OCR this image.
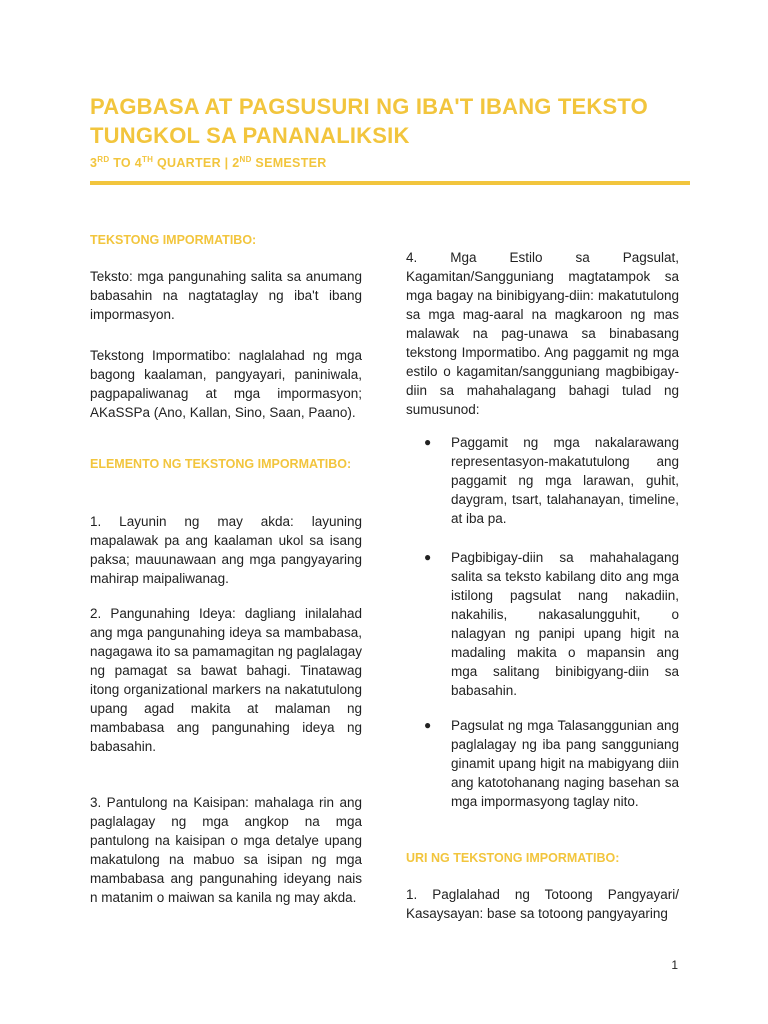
PAGBASA AT PAGSUSURI NG IBA'T IBANG TEKSTO TUNGKOL SA PANANALIKSIK
3RD TO 4TH QUARTER | 2ND SEMESTER

TEKSTONG IMPORMATIBO:

Teksto: mga pangunahing salita sa anumang babasahin na nagtataglay ng iba't ibang impormasyon.

Tekstong Impormatibo: naglalahad ng mga bagong kaalaman, pangyayari, paniniwala, pagpapaliwanag at mga impormasyon; AKaSSPa (Ano, Kallan, Sino, Saan, Paano).

ELEMENTO NG TEKSTONG IMPORMATIBO:

1. Layunin ng may akda: layuning mapalawak pa ang kaalaman ukol sa isang paksa; mauunawaan ang mga pangyayaring mahirap maipaliwanag.

2. Pangunahing Ideya: dagliang inilalahad ang mga pangunahing ideya sa mambabasa, nagagawa ito sa pamamagitan ng paglalagay ng pamagat sa bawat bahagi. Tinatawag itong organizational markers na nakatutulong upang agad makita at malaman ng mambabasa ang pangunahing ideya ng babasahin.

3. Pantulong na Kaisipan: mahalaga rin ang paglalagay ng mga angkop na mga pantulong na kaisipan o mga detalye upang makatulong na mabuo sa isipan ng mga mambabasa ang pangunahing ideyang nais n matanim o maiwan sa kanila ng may akda.

4. Mga Estilo sa Pagsulat, Kagamitan/Sangguniang magtatampok sa mga bagay na binibigyang-diin: makatutulong sa mga mag-aaral na magkaroon ng mas malawak na pag-unawa sa binabasang tekstong Impormatibo. Ang paggamit ng mga estilo o kagamitan/sangguniang magbibigay-diin sa mahahalagang bahagi tulad ng sumusunod:

● Paggamit ng mga nakalarawang representasyon-makatutulong ang paggamit ng mga larawan, guhit, daygram, tsart, talahanayan, timeline, at iba pa.

● Pagbibigay-diin sa mahahalagang salita sa teksto kabilang dito ang mga istilong pagsulat nang nakadiin, nakahilis, nakasalungguhit, o nalagyan ng panipi upang higit na madaling makita o mapansin ang mga salitang binibigyang-diin sa babasahin.

● Pagsulat ng mga Talasanggunian ang paglalagay ng iba pang sangguniang ginamit upang higit na mabigyang diin ang katotohanang naging basehan sa mga impormasyong taglay nito.

URI NG TEKSTONG IMPORMATIBO:

1. Paglalahad ng Totoong Pangyayari/ Kasaysayan: base sa totoong pangyayaring

1
